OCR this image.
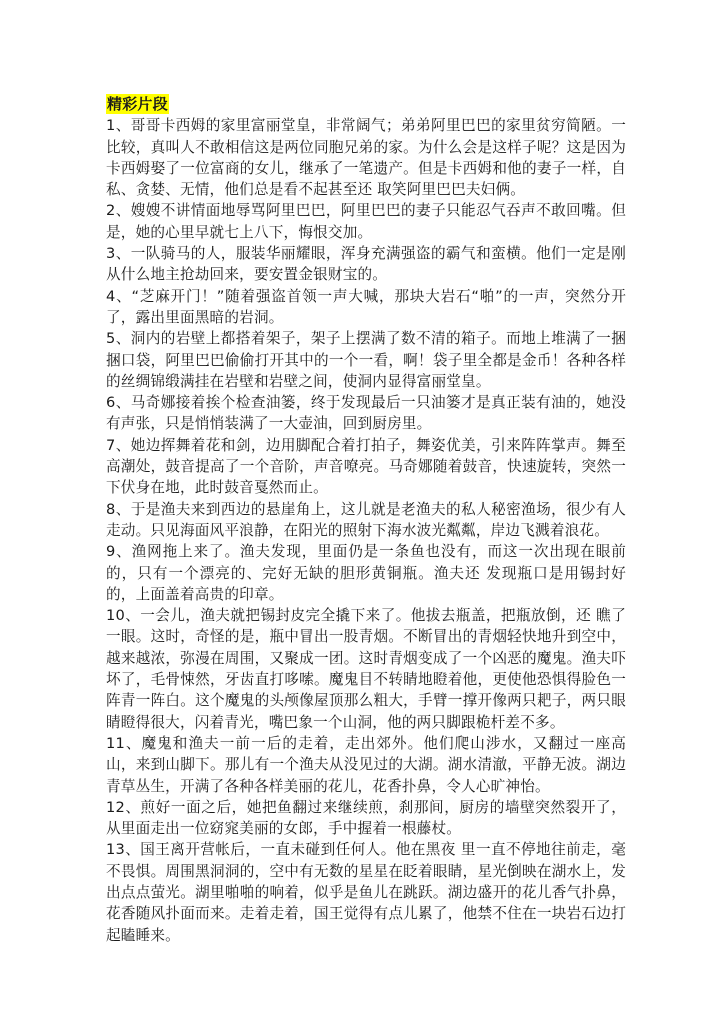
精彩片段

1、哥哥卡西姆的家里富丽堂皇，非常阔气；弟弟阿里巴巴的家里贫穷简陋。一比较，真叫人不敢相信这是两位同胞兄弟的家。为什么会是这样子呢？这是因为卡西姆娶了一位富商的女儿，继承了一笔遗产。但是卡西姆和他的妻子一样，自私、贪婪、无情，他们总是看不起甚至还 取笑阿里巴巴夫妇俩。

2、嫂嫂不讲情面地辱骂阿里巴巴，阿里巴巴的妻子只能忍气吞声不敢回嘴。但是，她的心里早就七上八下，悔恨交加。

3、一队骑马的人，服装华丽耀眼，浑身充满强盗的霸气和蛮横。他们一定是刚从什么地主抢劫回来，要安置金银财宝的。

4、“芝麻开门！”随着强盗首领一声大喊，那块大岩石“啪”的一声，突然分开了，露出里面黑暗的岩洞。

5、洞内的岩壁上都搭着架子，架子上摆满了数不清的箱子。而地上堆满了一捆捆口袋，阿里巴巴偷偷打开其中的一个一看，啊！袋子里全都是金币！各种各样的丝绸锦缎满挂在岩壁和岩壁之间，使洞内显得富丽堂皇。

6、马奇娜接着挨个检查油篓，终于发现最后一只油篓才是真正装有油的，她没有声张，只是悄悄装满了一大壶油，回到厨房里。

7、她边挥舞着花和剑，边用脚配合着打拍子，舞姿优美，引来阵阵掌声。舞至高潮处，鼓音提高了一个音阶，声音嘹亮。马奇娜随着鼓音，快速旋转，突然一下伏身在地，此时鼓音戛然而止。

8、于是渔夫来到西边的悬崖角上，这儿就是老渔夫的私人秘密渔场，很少有人走动。只见海面风平浪静，在阳光的照射下海水波光粼粼，岸边飞溅着浪花。

9、渔网拖上来了。渔夫发现，里面仍是一条鱼也没有，而这一次出现在眼前的，只有一个漂亮的、完好无缺的胆形黄铜瓶。渔夫还 发现瓶口是用锡封好的，上面盖着高贵的印章。

10、一会儿，渔夫就把锡封皮完全撬下来了。他拔去瓶盖，把瓶放倒，还 瞧了一眼。这时，奇怪的是，瓶中冒出一股青烟。不断冒出的青烟轻快地升到空中，越来越浓，弥漫在周围，又聚成一团。这时青烟变成了一个凶恶的魔鬼。渔夫吓坏了，毛骨悚然，牙齿直打哆嗦。魔鬼目不转睛地瞪着他，更使他恐惧得脸色一阵青一阵白。这个魔鬼的头颅像屋顶那么粗大，手臂一撑开像两只耙子，两只眼睛瞪得很大，闪着青光，嘴巴象一个山洞，他的两只脚跟桅杆差不多。

11、魔鬼和渔夫一前一后的走着，走出郊外。他们爬山涉水，又翻过一座高山，来到山脚下。那儿有一个渔夫从没见过的大湖。湖水清澈，平静无波。湖边青草丛生，开满了各种各样美丽的花儿，花香扑鼻，令人心旷神怡。

12、煎好一面之后，她把鱼翻过来继续煎，刹那间，厨房的墙壁突然裂开了，从里面走出一位窈窕美丽的女郎，手中握着一根藤杖。

13、国王离开营帐后，一直未碰到任何人。他在黑夜 里一直不停地往前走，毫不畏惧。周围黑洞洞的，空中有无数的星星在眨着眼睛，星光倒映在湖水上，发出点点萤光。湖里啪啪的响着，似乎是鱼儿在跳跃。湖边盛开的花儿香气扑鼻，花香随风扑面而来。走着走着，国王觉得有点儿累了，他禁不住在一块岩石边打起瞌睡来。
